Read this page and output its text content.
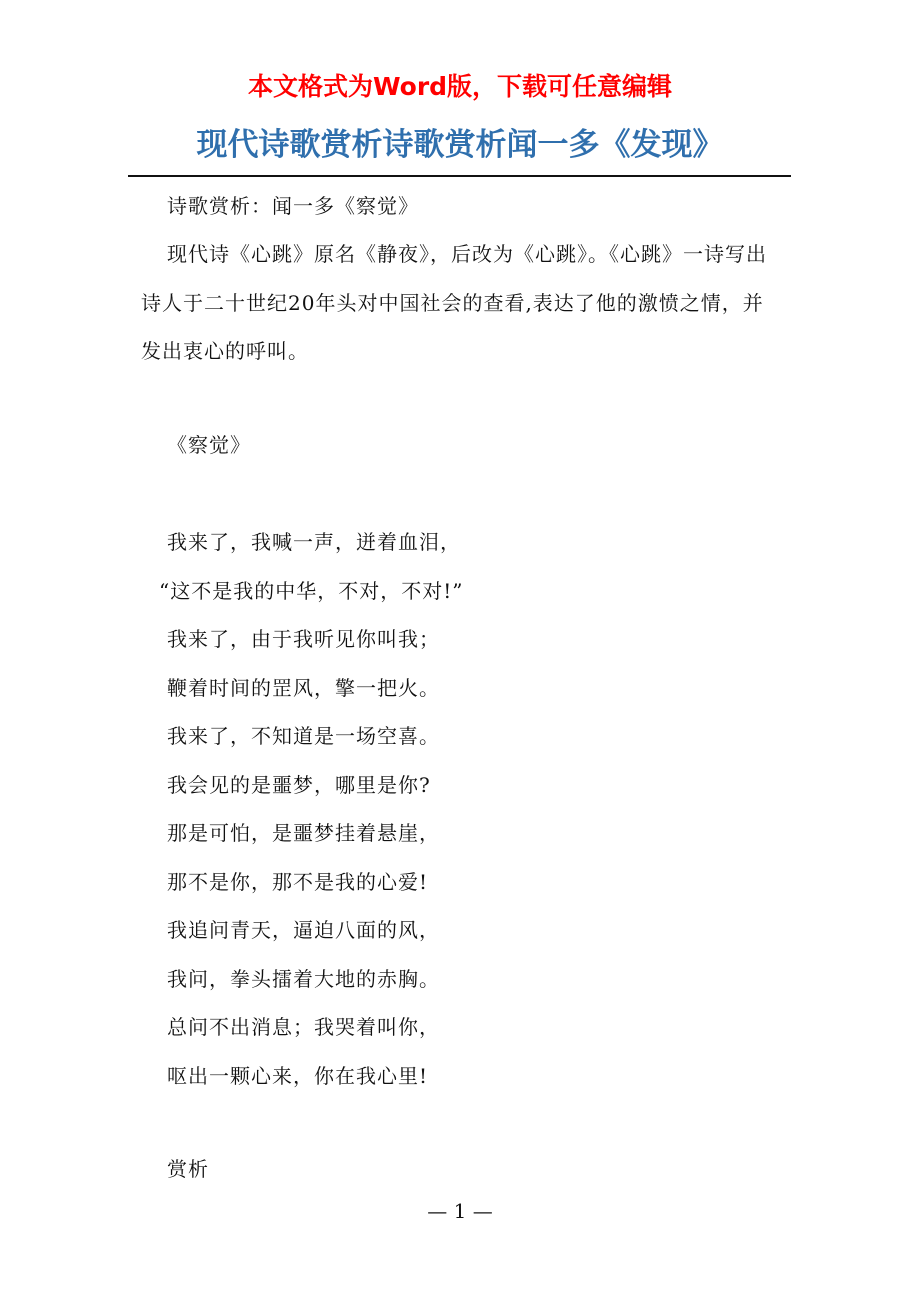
本文格式为Word版，下载可任意编辑
现代诗歌赏析诗歌赏析闻一多《发现》
诗歌赏析：闻一多《察觉》
现代诗《心跳》原名《静夜》，后改为《心跳》。《心跳》一诗写出诗人于二十世纪20年头对中国社会的查看,表达了他的激愤之情，并发出衷心的呼叫。
《察觉》
我来了，我喊一声，迸着血泪，
“这不是我的中华，不对，不对!”
我来了，由于我听见你叫我；
鞭着时间的罡风，擎一把火。
我来了，不知道是一场空喜。
我会见的是噩梦，哪里是你?
那是可怕，是噩梦挂着悬崖，
那不是你，那不是我的心爱!
我追问青天，逼迫八面的风，
我问，拳头擂着大地的赤胸。
总问不出消息；我哭着叫你，
呕出一颗心来，你在我心里!
赏析
— 1 —
